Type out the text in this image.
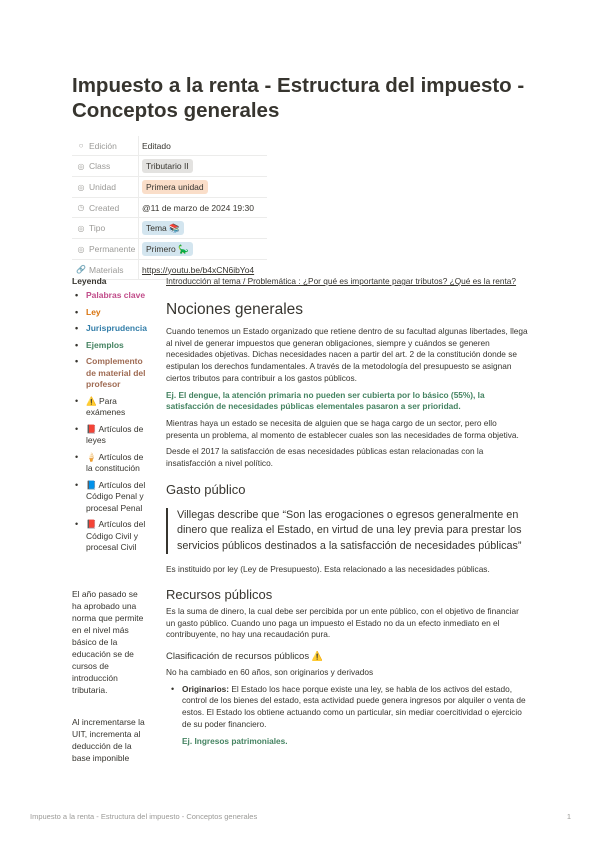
Impuesto a la renta - Estructura del impuesto - Conceptos generales
○ Edición	Editado
◎ Class	Tributario II
◎ Unidad	Primera unidad
◷ Created	@11 de marzo de 2024 19:30
◎ Tipo	Tema 📚
◎ Permanente	Primero 🦕
🔗 Materials https://youtu.be/b4xCN6ibYo4
Leyenda
• Palabras clave
• Ley
• Jurisprudencia
• Ejemplos
• Complemento de material del profesor
• ⚠️ Para exámenes
• 📕 Artículos de leyes
• 🍦 Artículos de la constitución
• 📘 Artículos del Código Penal y procesal Penal
• 📕 Artículos del Código Civil y procesal Civil
El año pasado se ha aprobado una norma que permite en el nivel más básico de la educación se de cursos de introducción tributaria.
Al incrementarse la UIT, incrementa al deducción de la base imponible
Introducción al tema / Problemática : ¿Por qué es importante pagar tributos? ¿Qué es la renta?
Nociones generales

Cuando tenemos un Estado organizado que retiene dentro de su facultad algunas libertades, llega al nivel de generar impuestos que generan obligaciones, siempre y cuándos se generen necesidades objetivas. Dichas necesidades nacen a partir del art. 2 de la constitución donde se estipulan los derechos fundamentales. A través de la metodología del presupuesto se asignan ciertos tributos para contribuir a los gastos públicos.

Ej. El dengue, la atención primaria no pueden ser cubierta por lo básico (55%), la satisfacción de necesidades públicas elementales pasaron a ser prioridad.

Mientras haya un estado se necesita de alguien que se haga cargo de un sector, pero ello presenta un problema, al momento de establecer cuales son las necesidades de forma objetiva.

Desde el 2017 la satisfacción de esas necesidades públicas estan relacionadas con la insatisfacción a nivel político.

Gasto público
Villegas describe que “Son las erogaciones o egresos generalmente en dinero que realiza el Estado, en virtud de una ley previa para prestar los servicios públicos destinados a la satisfacción de necesidades públicas”

Es instituido por ley (Ley de Presupuesto). Esta relacionado a las necesidades públicas.

Recursos públicos

Es la suma de dinero, la cual debe ser percibida por un ente público, con el objetivo de financiar un gasto público. Cuando uno paga un impuesto el Estado no da un efecto inmediato en el contribuyente, no hay una recaudación pura.

Clasificación de recursos públicos ⚠️

No ha cambiado en 60 años, son originarios y derivados

• Originarios: El Estado los hace porque existe una ley, se habla de los activos del estado, control de los bienes del estado, esta actividad puede genera ingresos por alquiler o venta de estos. El Estado los obtiene actuando como un particular, sin mediar coercitividad o ejercicio de su poder financiero.

Ej. Ingresos patrimoniales.

Impuesto a la renta - Estructura del impuesto - Conceptos generales	1
